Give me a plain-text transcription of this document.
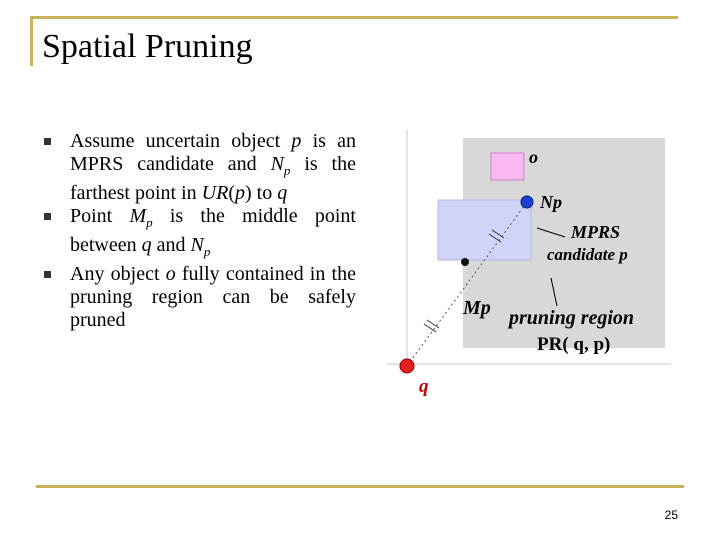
Spatial Pruning
Assume uncertain object p is an MPRS candidate and $N_p$ is the farthest point in UR(p) to q
Point $M_p$ is the middle point between q and $N_p$
Any object o fully contained in the pruning region can be safely pruned
o
Np
MPRS
candidate p
Mp pruning region
PR( q, p)
q
25
